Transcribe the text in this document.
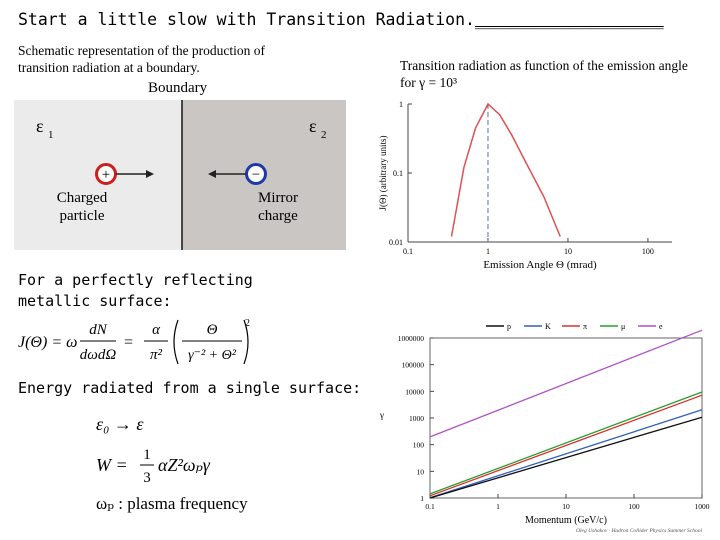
Start a little slow with Transition Radiation.___________________
Schematic representation of the production of
transition radiation at a boundary.
Boundary
ε 1	ε 2
+
Charged
particle
−
Mirror
charge
For a perfectly reflecting
metallic surface:
J(Θ) = ω
dN
dωdΩ
=
α
π²
Θ
γ⁻² + Θ²
2
Energy radiated from a single surface:
ε₀ → ε
W = 1
3
αZ²ωₚγ
ωₚ : plasma frequency
Transition radiation as function of the emission angle
for γ = 10³
0.01
0.1
1
0.1	1	10	100
Emission Angle Θ (mrad)
J(Θ) (arbitrary units)
1
10
100
1000
10000
100000
1000000
0.1	1	10	100	1000
Momentum (GeV/c)
γ
p	K	π	μ	e
Oleg Ushakov · Hadron Collider Physics Summer School
